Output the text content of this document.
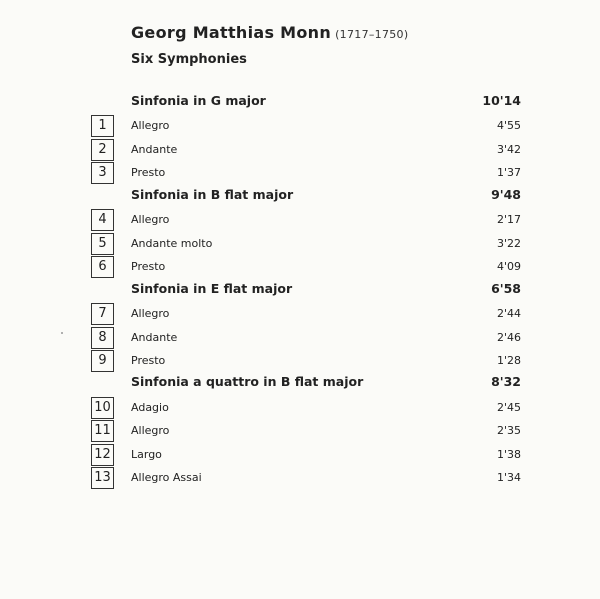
Georg Matthias Monn (1717–1750)
Six Symphonies
Sinfonia in G major	10'14
1	Allegro	4'55
2	Andante	3'42
3	Presto	1'37
Sinfonia in B flat major	9'48
4	Allegro	2'17
5	Andante molto	3'22
6	Presto	4'09
Sinfonia in E flat major	6'58
7	Allegro	2'44
8	Andante	2'46
9	Presto	1'28
Sinfonia a quattro in B flat major	8'32
10 Adagio	2'45
11 Allegro	2'35
12 Largo	1'38
13 Allegro Assai	1'34
